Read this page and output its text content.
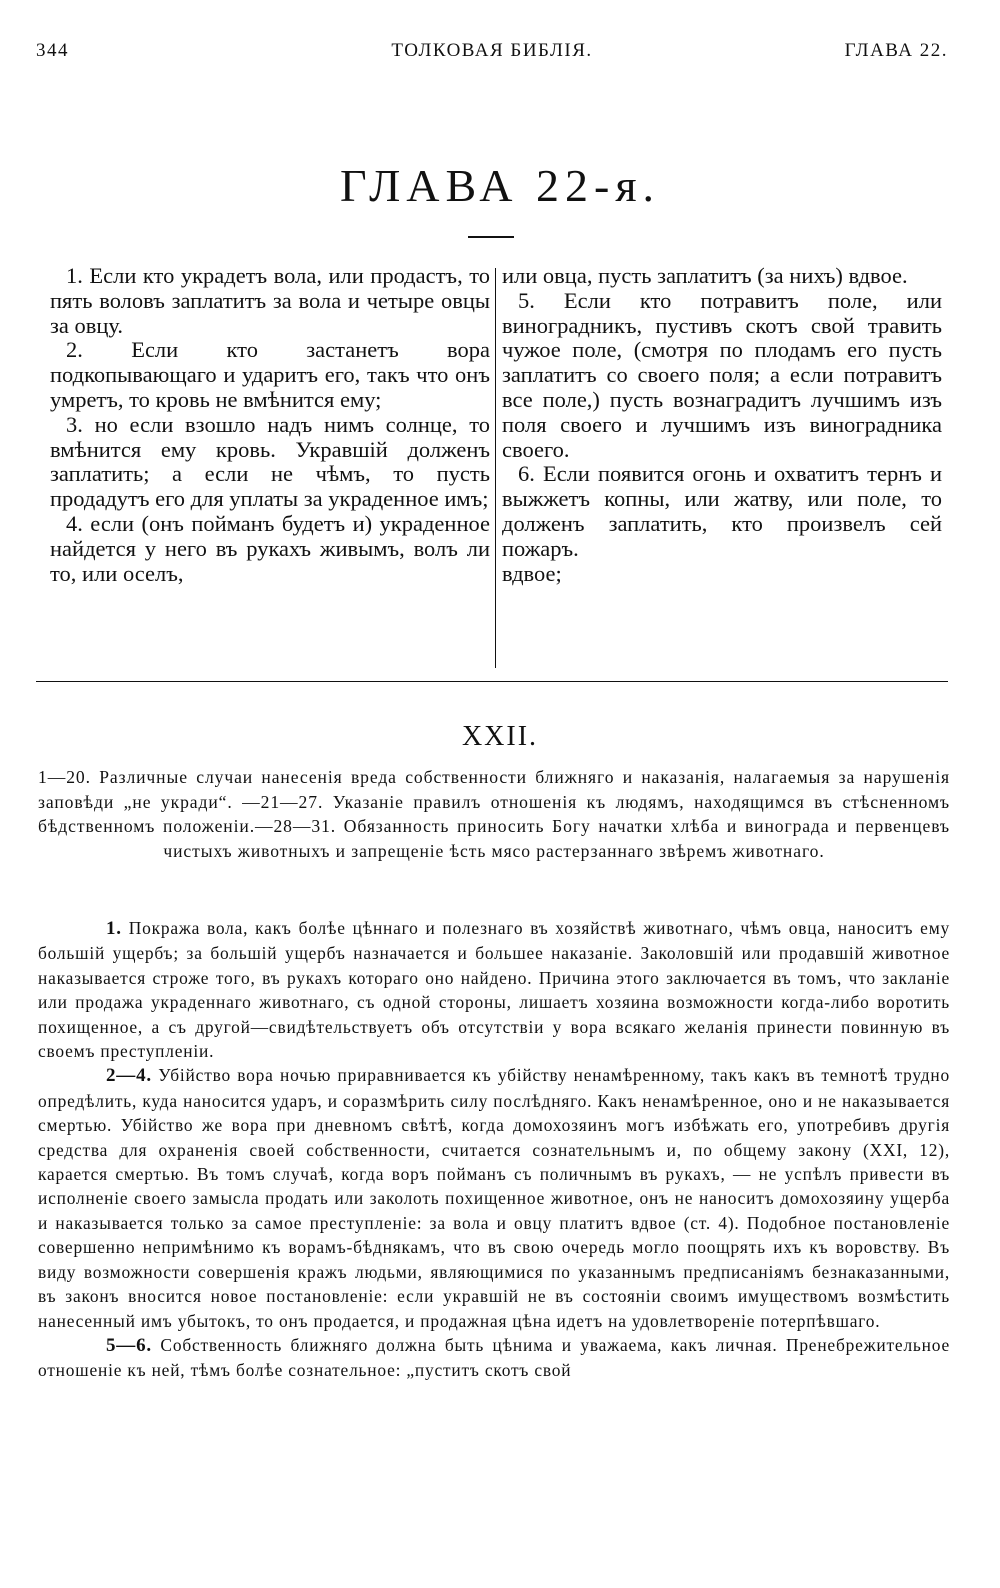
ТОЛКОВАЯ БИБЛІЯ.
344	ГЛАВА 22.
ГЛАВА 22-я.

1. Если кто украдетъ вола, или продастъ, то пять воловъ заплатитъ за вола и четыре овцы за овцу.

2. Если кто застанетъ вора подкопывающаго и ударитъ его, такъ что онъ умретъ, то кровь не вмѣнится ему;

3. но если взошло надъ нимъ солнце, то вмѣнится ему кровь. Укравшій долженъ заплатить; а если не чѣмъ, то пусть продадутъ его для уплаты за украденное имъ;

4. если (онъ пойманъ будетъ и) украденное найдется у него въ рукахъ живымъ, волъ ли то, или оселъ,

или овца, пусть заплатитъ (за нихъ) вдвое.

5. Если кто потравитъ поле, или виноградникъ, пустивъ скотъ свой травить чужое поле, (смотря по плодамъ его пусть заплатитъ со своего поля; а если потравитъ все поле,) пусть вознаградитъ лучшимъ изъ поля своего и лучшимъ изъ виноградника своего.

6. Если появится огонь и охватитъ тернъ и выжжетъ копны, или жатву, или поле, то долженъ заплатить, кто произвелъ сей пожаръ.

вдвое;

XXII.
1—20. Различные случаи нанесенія вреда собственности ближняго и наказанія, налагаемыя за нарушенія заповѣди „не укради“. —21—27. Указаніе правилъ отношенія къ людямъ, находящимся въ стѣсненномъ бѣдственномъ положеніи.—28—31. Обязанность приносить Богу начатки хлѣба и винограда и первенцевъ чистыхъ животныхъ и запрещеніе ѣсть мясо растерзаннаго звѣремъ животнаго.

1. Покража вола, какъ болѣе цѣннаго и полезнаго въ хозяйствѣ животнаго, чѣмъ овца, наноситъ ему большій ущербъ; за большій ущербъ назначается и большее наказаніе. Заколовшій или продавшій животное наказывается строже того, въ рукахъ котораго оно найдено. Причина этого заключается въ томъ, что закланіе или продажа украденнаго животнаго, съ одной стороны, лишаетъ хозяина возможности когда-либо воротить похищенное, а съ другой—свидѣтельствуетъ объ отсутствіи у вора всякаго желанія принести повинную въ своемъ преступленіи.

2—4. Убійство вора ночью приравнивается къ убійству ненамѣренному, такъ какъ въ темнотѣ трудно опредѣлить, куда наносится ударъ, и соразмѣрить силу послѣдняго. Какъ ненамѣренное, оно и не наказывается смертью. Убійство же вора при дневномъ свѣтѣ, когда домохозяинъ могъ избѣжать его, употребивъ другія средства для охраненія своей собственности, считается сознательнымъ и, по общему закону (XXI, 12), карается смертью. Въ томъ случаѣ, когда воръ пойманъ съ поличнымъ въ рукахъ, — не успѣлъ привести въ исполненіе своего замысла продать или заколоть похищенное животное, онъ не наноситъ домохозяину ущерба и наказывается только за самое преступленіе: за вола и овцу платитъ вдвое (ст. 4). Подобное постановленіе совершенно непримѣнимо къ ворамъ-бѣднякамъ, что въ свою очередь могло поощрять ихъ къ воровству. Въ виду возможности совершенія кражъ людьми, являющимися по указаннымъ предписаніямъ безнаказанными, въ законъ вносится новое постановленіе: если укравшій не въ состояніи своимъ имуществомъ возмѣстить нанесенный имъ убытокъ, то онъ продается, и продажная цѣна идетъ на удовлетвореніе потерпѣвшаго.

5—6. Собственность ближняго должна быть цѣнима и уважаема, какъ личная. Пренебрежительное отношеніе къ ней, тѣмъ болѣе сознательное: „пуститъ скотъ свой
